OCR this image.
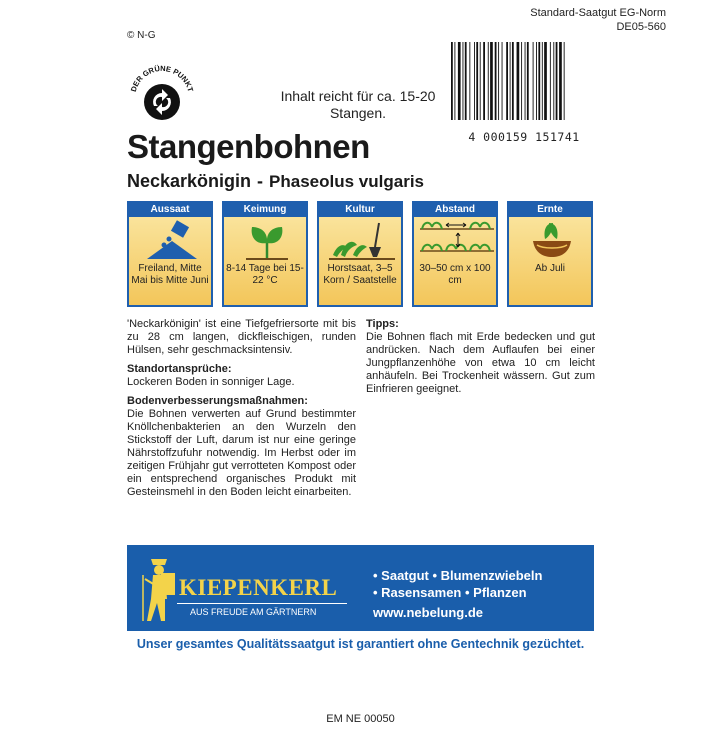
Standard-Saatgut EG-Norm
DE05-560
© N-G
DER GRÜNE PUNKT
4 000159 151741
Inhalt reicht für ca. 15-20 Stangen.
Stangenbohnen
Neckarkönigin - Phaseolus vulgaris
Aussaat
Freiland, Mitte Mai bis Mitte Juni
Keimung
8-14 Tage bei 15-22 °C
Kultur
Horstsaat, 3–5 Korn / Saatstelle
Abstand
30–50 cm x 100 cm
Ernte
Ab Juli

'Neckarkönigin' ist eine Tiefgefriersorte mit bis zu 28 cm langen, dickfleischigen, runden Hülsen, sehr geschmacksintensiv.

Standortansprüche:

Lockeren Boden in sonniger Lage.

Bodenverbesserungsmaßnahmen:

Die Bohnen verwerten auf Grund bestimmter Knöllchenbakterien an den Wurzeln den Stickstoff der Luft, darum ist nur eine geringe Nährstoffzufuhr notwendig. Im Herbst oder im zeitigen Frühjahr gut verrotteten Kompost oder ein entsprechend organisches Produkt mit Gesteinsmehl in den Boden leicht einarbeiten.

Tipps:

Die Bohnen flach mit Erde bedecken und gut andrücken. Nach dem Auflaufen bei einer Jungpflanzenhöhe von etwa 10 cm leicht anhäufeln. Bei Trockenheit wässern. Gut zum Einfrieren geeignet.

KIEPENKERL
AUS FREUDE AM GÄRTNERN
• Saatgut • Blumenzwiebeln
• Rasensamen • Pflanzen
www.nebelung.de
Unser gesamtes Qualitätssaatgut ist garantiert ohne Gentechnik gezüchtet.
EM NE 00050
